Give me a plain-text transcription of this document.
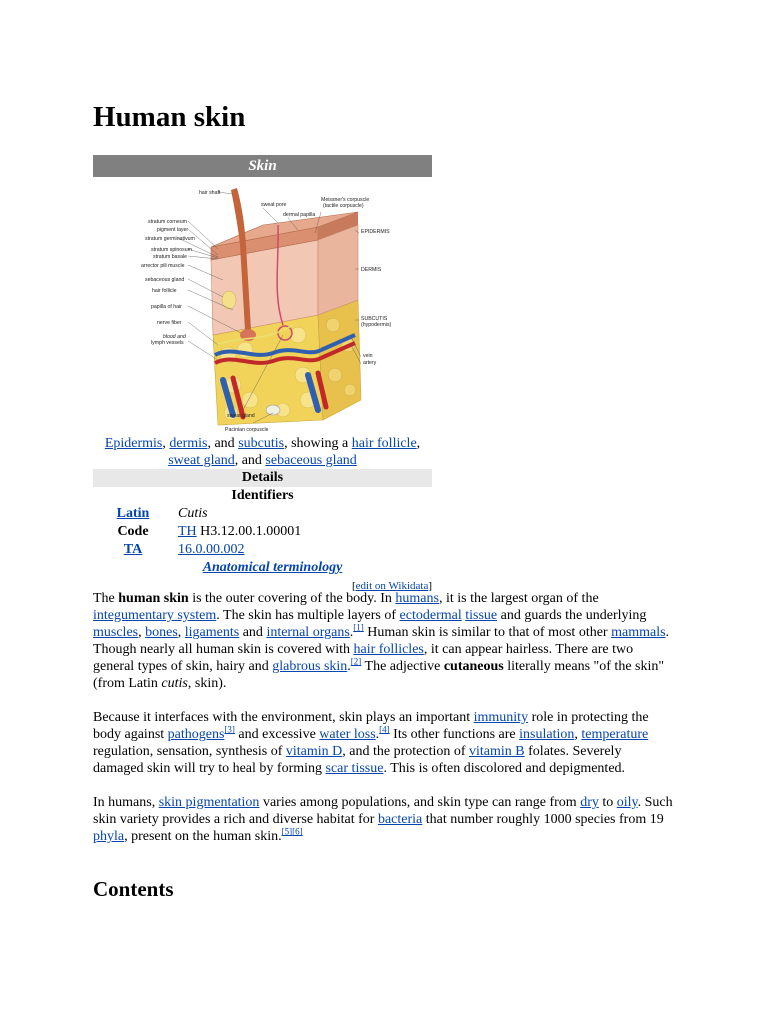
Human skin
Skin
hair shaft
sweat pore
dermal papilla
Meissner's corpuscle
(tactile corpuscle)
stratum corneum
pigment layer
stratum germinativum
stratum spinosum
stratum basale
arrector pili muscle
sebaceous gland
hair follicle
papilla of hair
nerve fiber
blood and
lymph vessels
sweat gland
Pacinian corpuscle
EPIDERMIS
DERMIS
SUBCUTIS
(hypodermis)
vein
artery
Epidermis, dermis, and subcutis, showing a hair follicle, sweat gland, and sebaceous gland
Details
Identifiers
Latin	Cutis
Code	TH H3.12.00.1.00001
TA	16.0.00.002
Anatomical terminology
[edit on Wikidata]

The human skin is the outer covering of the body. In humans, it is the largest organ of the integumentary system. The skin has multiple layers of ectodermal tissue and guards the underlying muscles, bones, ligaments and internal organs.[1] Human skin is similar to that of most other mammals. Though nearly all human skin is covered with hair follicles, it can appear hairless. There are two general types of skin, hairy and glabrous skin.[2] The adjective cutaneous literally means "of the skin" (from Latin cutis, skin).

Because it interfaces with the environment, skin plays an important immunity role in protecting the body against pathogens[3] and excessive water loss.[4] Its other functions are insulation, temperature regulation, sensation, synthesis of vitamin D, and the protection of vitamin B folates. Severely damaged skin will try to heal by forming scar tissue. This is often discolored and depigmented.

In humans, skin pigmentation varies among populations, and skin type can range from dry to oily. Such skin variety provides a rich and diverse habitat for bacteria that number roughly 1000 species from 19 phyla, present on the human skin.[5][6]

Contents
